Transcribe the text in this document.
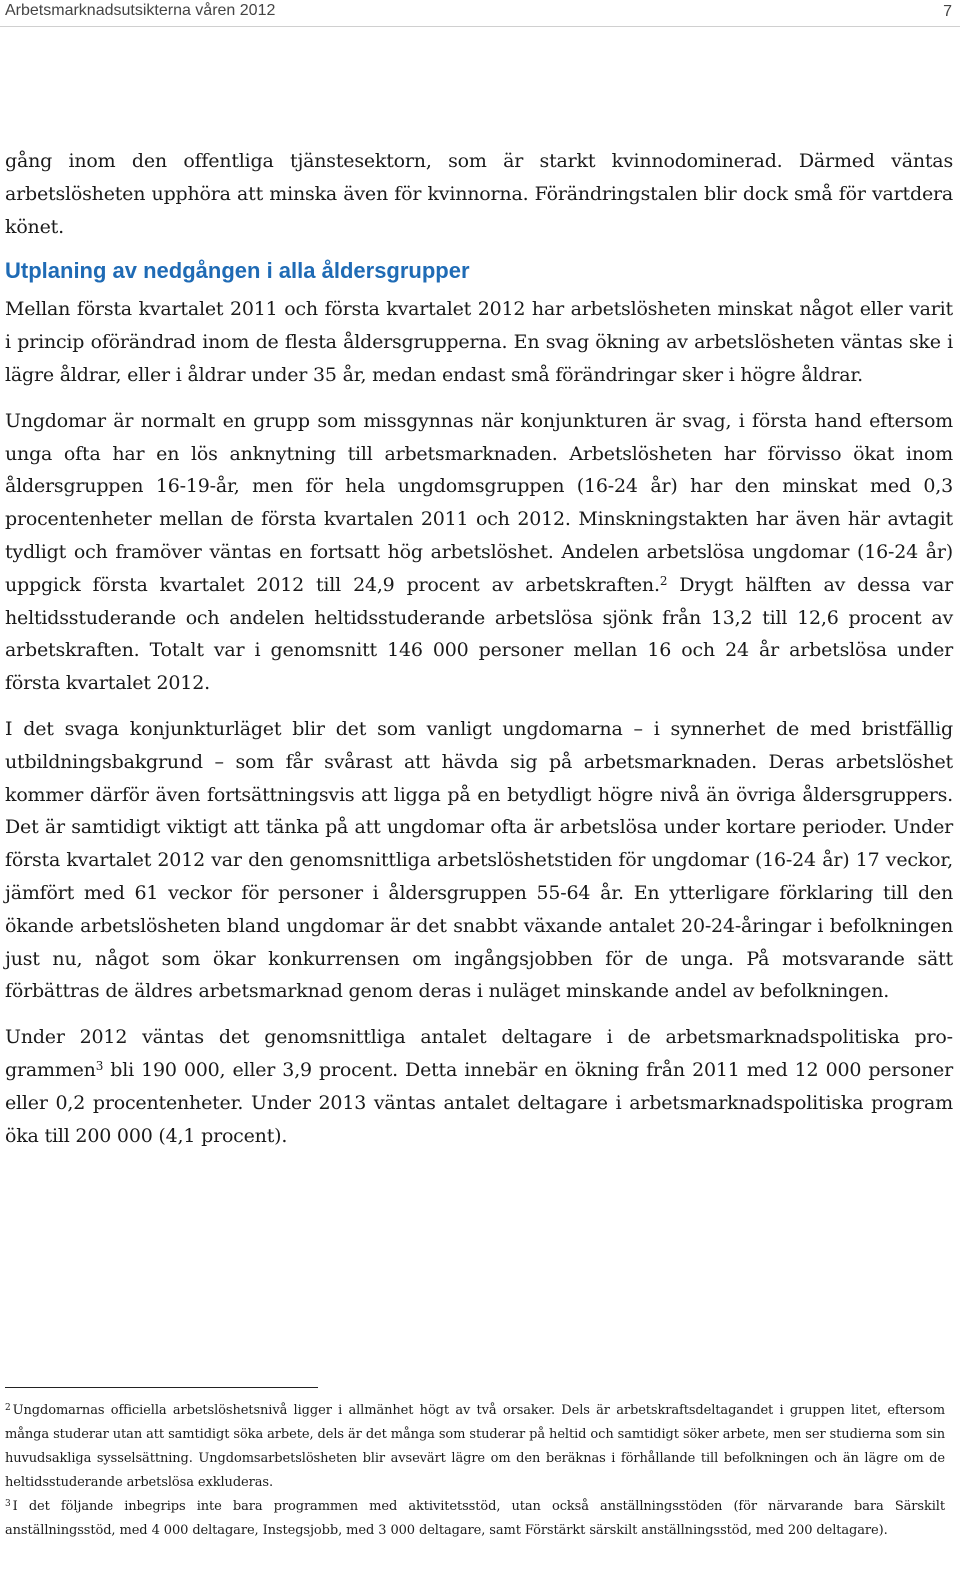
Arbetsmarknadsutsikterna våren 2012	7

gång inom den offentliga tjänstesektorn, som är starkt kvinnodominerad. Därmed väntas arbetslösheten upphöra att minska även för kvinnorna. Förändringstalen blir dock små för vartdera könet.

Utplaning av nedgången i alla åldersgrupper

Mellan första kvartalet 2011 och första kvartalet 2012 har arbetslösheten minskat något eller varit i princip oförändrad inom de flesta åldersgrupperna. En svag ökning av arbetslösheten väntas ske i lägre åldrar, eller i åldrar under 35 år, medan endast små förändringar sker i högre åldrar.

Ungdomar är normalt en grupp som missgynnas när konjunkturen är svag, i första hand eftersom unga ofta har en lös anknytning till arbetsmarknaden. Arbetslösheten har förvisso ökat inom åldersgruppen 16-19-år, men för hela ungdomsgruppen (16-24 år) har den minskat med 0,3 procentenheter mellan de första kvartalen 2011 och 2012. Minskningstakten har även här avtagit tydligt och framöver väntas en fortsatt hög arbetslöshet. Andelen arbetslösa ungdomar (16-24 år) uppgick första kvartalet 2012 till 24,9 procent av arbetskraften.$^2$ Drygt hälften av dessa var heltidsstuderande och andelen heltidsstuderande arbetslösa sjönk från 13,2 till 12,6 procent av arbetskraften. Totalt var i genomsnitt 146 000 personer mellan 16 och 24 år arbetslösa under första kvartalet 2012.

I det svaga konjunkturläget blir det som vanligt ungdomarna – i synnerhet de med bristfällig utbildningsbakgrund – som får svårast att hävda sig på arbetsmarknaden. Deras arbetslöshet kommer därför även fortsättningsvis att ligga på en betydligt högre nivå än övriga åldersgruppers. Det är samtidigt viktigt att tänka på att ungdomar ofta är arbetslösa under kortare perioder. Under första kvartalet 2012 var den genomsnittliga arbetslöshetstiden för ungdomar (16-24 år) 17 veckor, jämfört med 61 veckor för personer i åldersgruppen 55-64 år. En ytterligare förklaring till den ökande arbetslösheten bland ungdomar är det snabbt växande antalet 20-24-åringar i befolkningen just nu, något som ökar konkurrensen om ingångsjobben för de unga. På motsvarande sätt förbättras de äldres arbetsmarknad genom deras i nuläget minskande andel av befolkningen.

Under 2012 väntas det genomsnittliga antalet deltagare i de arbetsmarknadspolitiska programmen$^3$ bli 190 000, eller 3,9 procent. Detta innebär en ökning från 2011 med 12 000 personer eller 0,2 procentenheter. Under 2013 väntas antalet deltagare i arbetsmarknadspolitiska program öka till 200 000 (4,1 procent).

$^2$ Ungdomarnas officiella arbetslöshetsnivå ligger i allmänhet högt av två orsaker. Dels är arbetskraftsdeltagandet i gruppen litet, eftersom många studerar utan att samtidigt söka arbete, dels är det många som studerar på heltid och samtidigt söker arbete, men ser studierna som sin huvudsakliga sysselsättning. Ungdomsarbetslösheten blir avsevärt lägre om den beräknas i förhållande till befolkningen och än lägre om de heltidsstuderande arbetslösa exkluderas.

$^3$ I det följande inbegrips inte bara programmen med aktivitetsstöd, utan också anställningsstöden (för närvarande bara Särskilt anställningsstöd, med 4 000 deltagare, Instegsjobb, med 3 000 deltagare, samt Förstärkt särskilt anställningsstöd, med 200 deltagare).
